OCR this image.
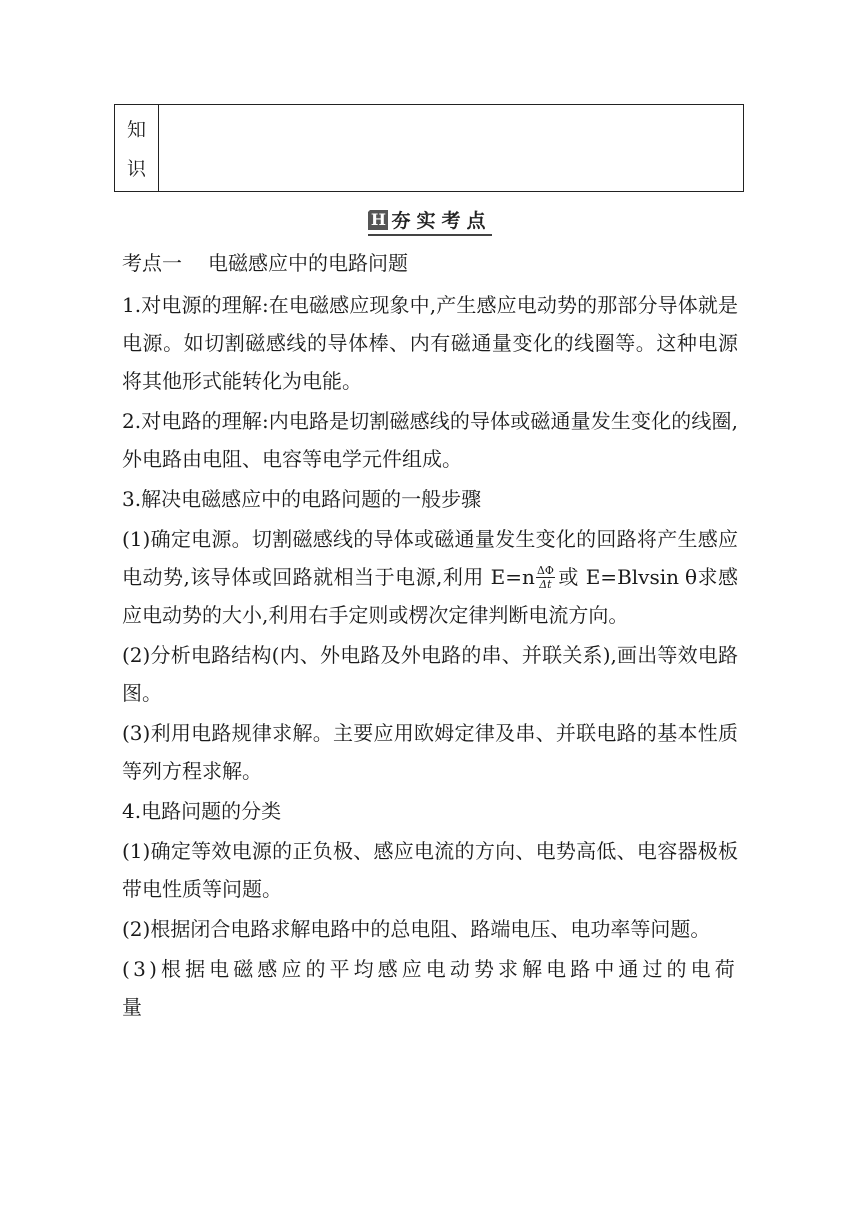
知
识
H 夯实考点

考点一 电磁感应中的电路问题

1.对电源的理解:在电磁感应现象中,产生感应电动势的那部分导体就是电源。如切割磁感线的导体棒、内有磁通量变化的线圈等。这种电源将其他形式能转化为电能。

2.对电路的理解:内电路是切割磁感线的导体或磁通量发生变化的线圈,外电路由电阻、电容等电学元件组成。

3.解决电磁感应中的电路问题的一般步骤

(1)确定电源。切割磁感线的导体或磁通量发生变化的回路将产生感应电动势,该导体或回路就相当于电源,利用 $E=n \frac{\Delta\Phi}{\Delta t}$ 或 E=Blvsin θ求感应电动势的大小,利用右手定则或楞次定律判断电流方向。

(2)分析电路结构(内、外电路及外电路的串、并联关系),画出等效电路图。

(3)利用电路规律求解。主要应用欧姆定律及串、并联电路的基本性质等列方程求解。

4.电路问题的分类

(1)确定等效电源的正负极、感应电流的方向、电势高低、电容器极板带电性质等问题。

(2)根据闭合电路求解电路中的总电阻、路端电压、电功率等问题。

(3)根据电磁感应的平均感应电动势求解电路中通过的电荷量
